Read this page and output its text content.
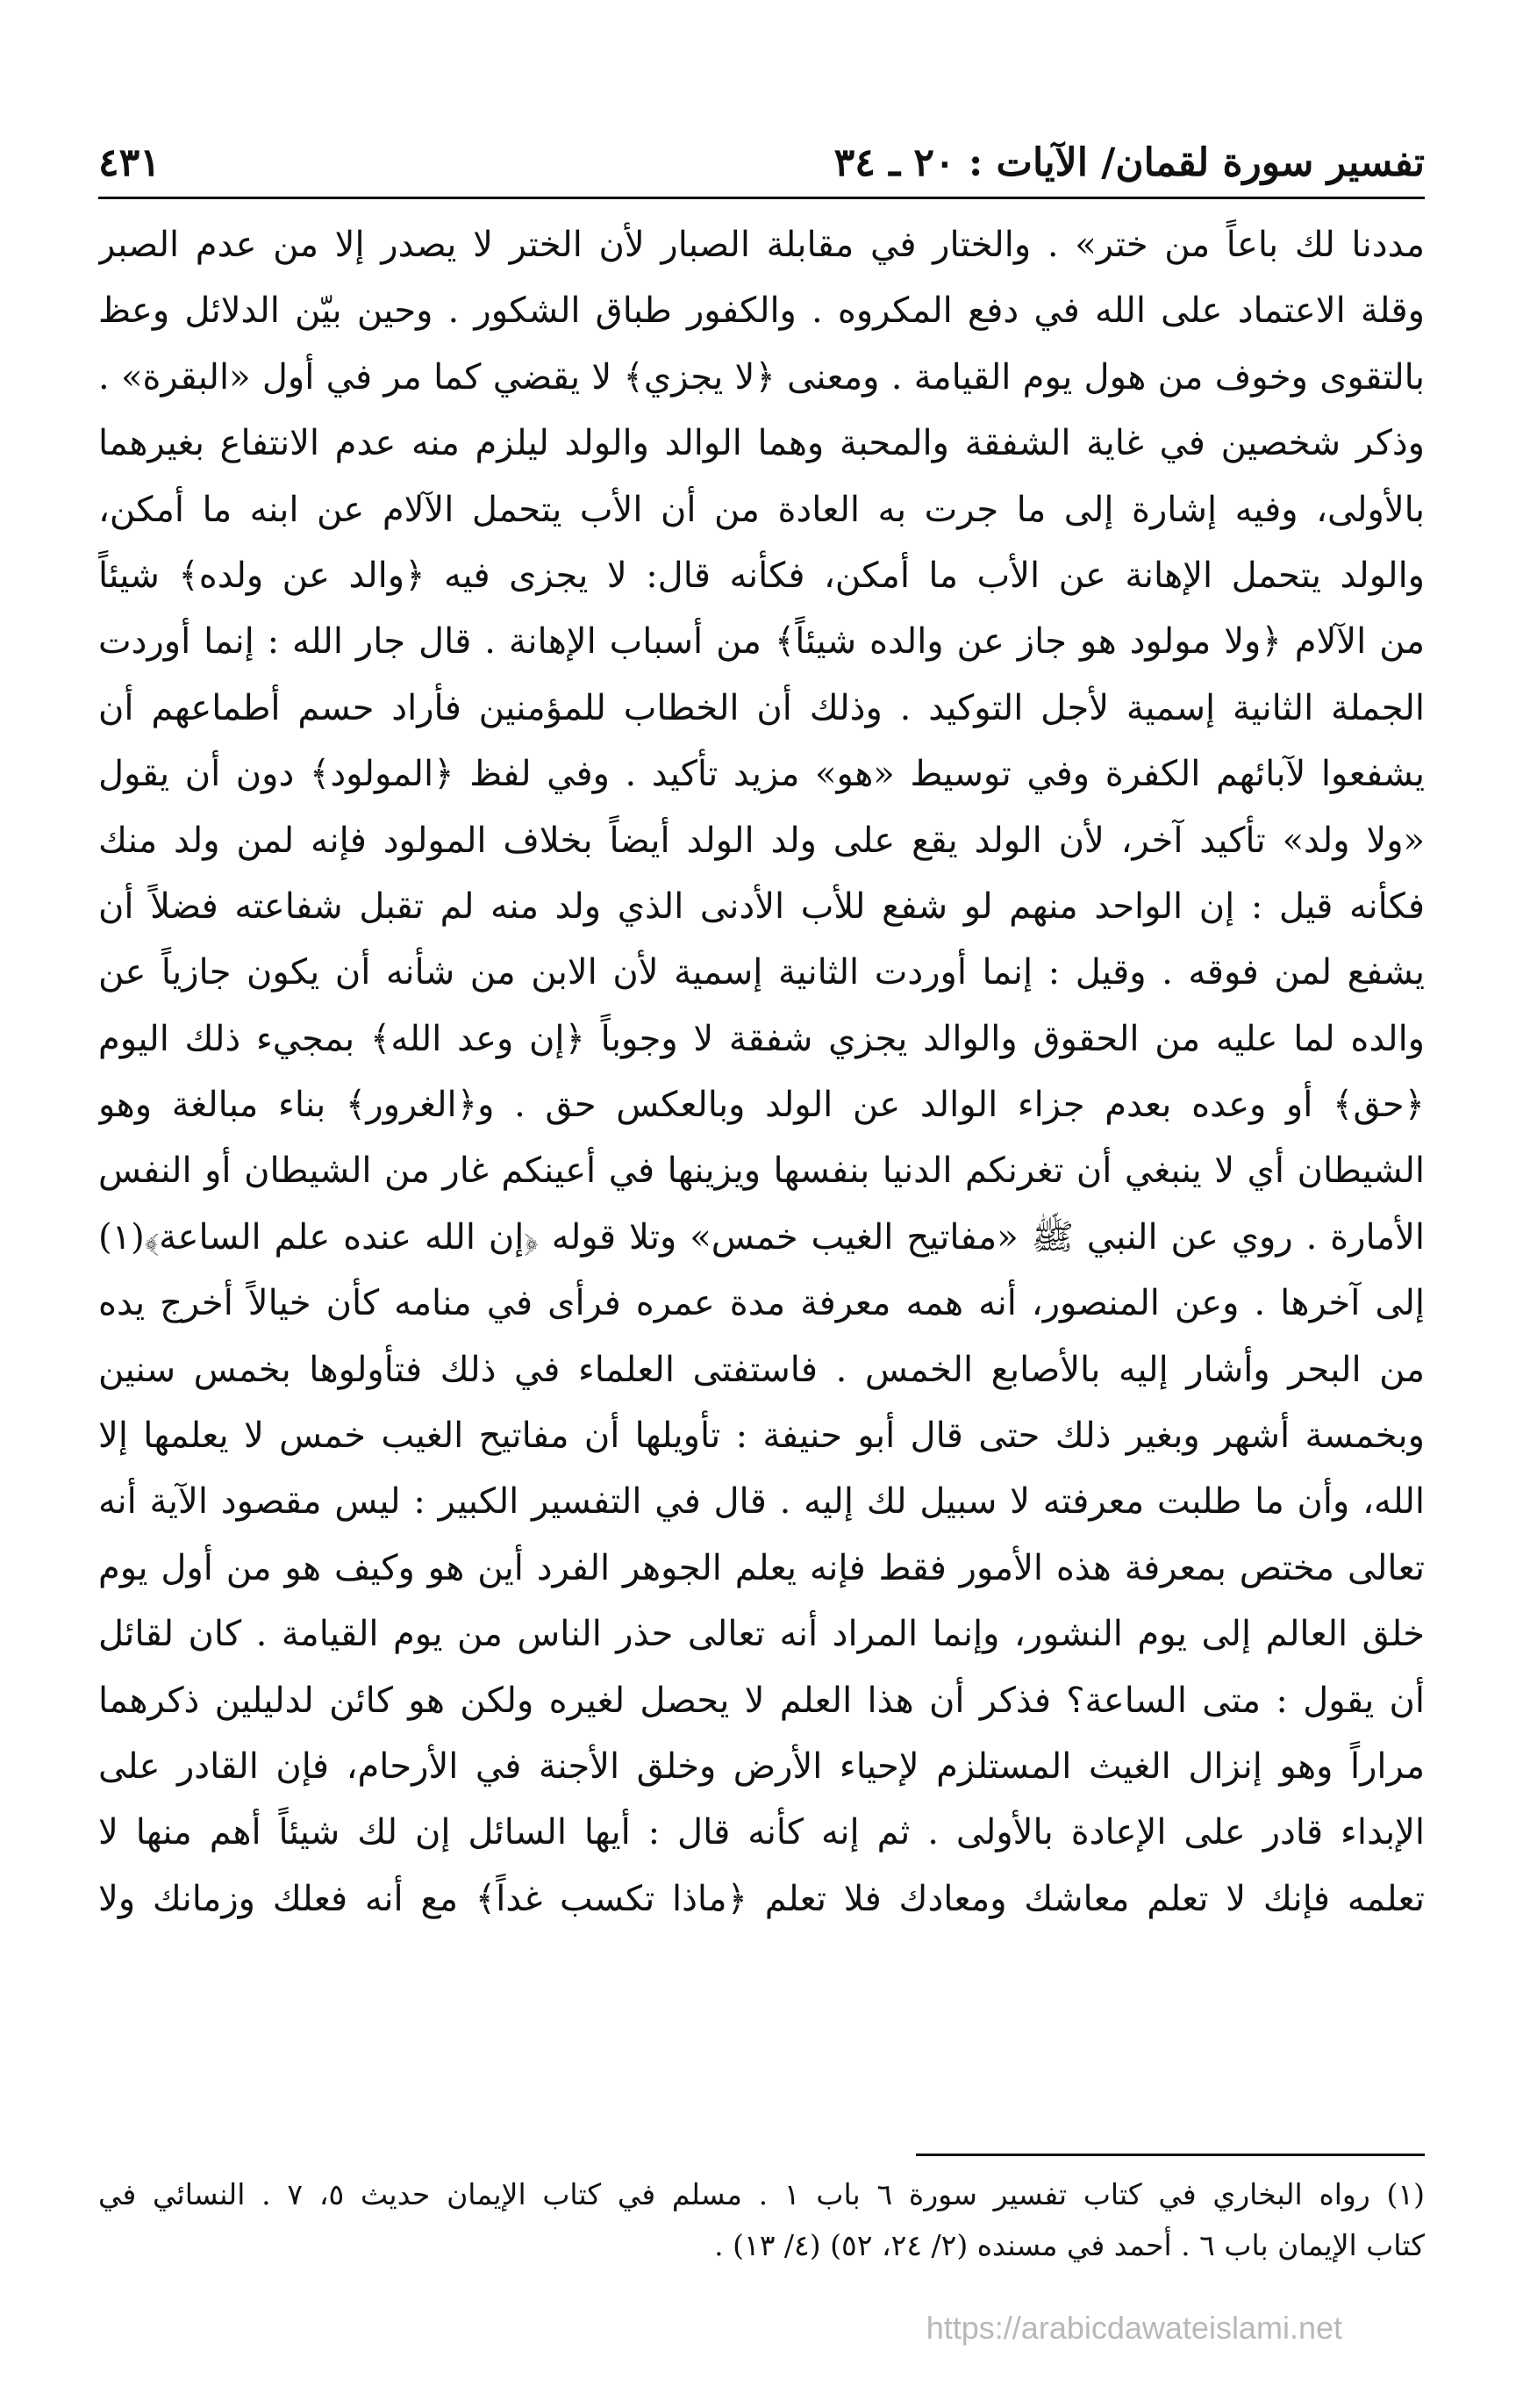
تفسير سورة لقمان/ الآيات : ٢٠ ـ ٣٤
٤٣١
مددنا لك باعاً من ختر» . والختار في مقابلة الصبار لأن الختر لا يصدر إلا من عدم الصبر
وقلة الاعتماد على الله في دفع المكروه . والكفور طباق الشكور . وحين بيّن الدلائل وعظ
بالتقوى وخوف من هول يوم القيامة . ومعنى ﴿لا يجزي﴾ لا يقضي كما مر في أول «البقرة» .
وذكر شخصين في غاية الشفقة والمحبة وهما الوالد والولد ليلزم منه عدم الانتفاع بغيرهما
بالأولى، وفيه إشارة إلى ما جرت به العادة من أن الأب يتحمل الآلام عن ابنه ما أمكن،
والولد يتحمل الإهانة عن الأب ما أمكن، فكأنه قال: لا يجزى فيه ﴿والد عن ولده﴾ شيئاً
من الآلام ﴿ولا مولود هو جاز عن والده شيئاً﴾ من أسباب الإهانة . قال جار الله : إنما أوردت
الجملة الثانية إسمية لأجل التوكيد . وذلك أن الخطاب للمؤمنين فأراد حسم أطماعهم أن
يشفعوا لآبائهم الكفرة وفي توسيط «هو» مزيد تأكيد . وفي لفظ ﴿المولود﴾ دون أن يقول
«ولا ولد» تأكيد آخر، لأن الولد يقع على ولد الولد أيضاً بخلاف المولود فإنه لمن ولد منك
فكأنه قيل : إن الواحد منهم لو شفع للأب الأدنى الذي ولد منه لم تقبل شفاعته فضلاً أن
يشفع لمن فوقه . وقيل : إنما أوردت الثانية إسمية لأن الابن من شأنه أن يكون جازياً عن
والده لما عليه من الحقوق والوالد يجزي شفقة لا وجوباً ﴿إن وعد الله﴾ بمجيء ذلك اليوم
﴿حق﴾ أو وعده بعدم جزاء الوالد عن الولد وبالعكس حق . و﴿الغرور﴾ بناء مبالغة وهو
الشيطان أي لا ينبغي أن تغرنكم الدنيا بنفسها ويزينها في أعينكم غار من الشيطان أو النفس
الأمارة . روي عن النبي ﷺ «مفاتيح الغيب خمس» وتلا قوله ﴿إن الله عنده علم الساعة﴾(١)
إلى آخرها . وعن المنصور، أنه همه معرفة مدة عمره فرأى في منامه كأن خيالاً أخرج يده
من البحر وأشار إليه بالأصابع الخمس . فاستفتى العلماء في ذلك فتأولوها بخمس سنين
وبخمسة أشهر وبغير ذلك حتى قال أبو حنيفة : تأويلها أن مفاتيح الغيب خمس لا يعلمها إلا
الله، وأن ما طلبت معرفته لا سبيل لك إليه . قال في التفسير الكبير : ليس مقصود الآية أنه
تعالى مختص بمعرفة هذه الأمور فقط فإنه يعلم الجوهر الفرد أين هو وكيف هو من أول يوم
خلق العالم إلى يوم النشور، وإنما المراد أنه تعالى حذر الناس من يوم القيامة . كان لقائل
أن يقول : متى الساعة؟ فذكر أن هذا العلم لا يحصل لغيره ولكن هو كائن لدليلين ذكرهما
مراراً وهو إنزال الغيث المستلزم لإحياء الأرض وخلق الأجنة في الأرحام، فإن القادر على
الإبداء قادر على الإعادة بالأولى . ثم إنه كأنه قال : أيها السائل إن لك شيئاً أهم منها لا
تعلمه فإنك لا تعلم معاشك ومعادك فلا تعلم ﴿ماذا تكسب غداً﴾ مع أنه فعلك وزمانك ولا
(١) رواه البخاري في كتاب تفسير سورة ٦ باب ١ . مسلم في كتاب الإيمان حديث ٥، ٧ . النسائي في
كتاب الإيمان باب ٦ . أحمد في مسنده (٢/ ٢٤، ٥٢) (٤/ ١٣) .
https://arabicdawateislami.net
